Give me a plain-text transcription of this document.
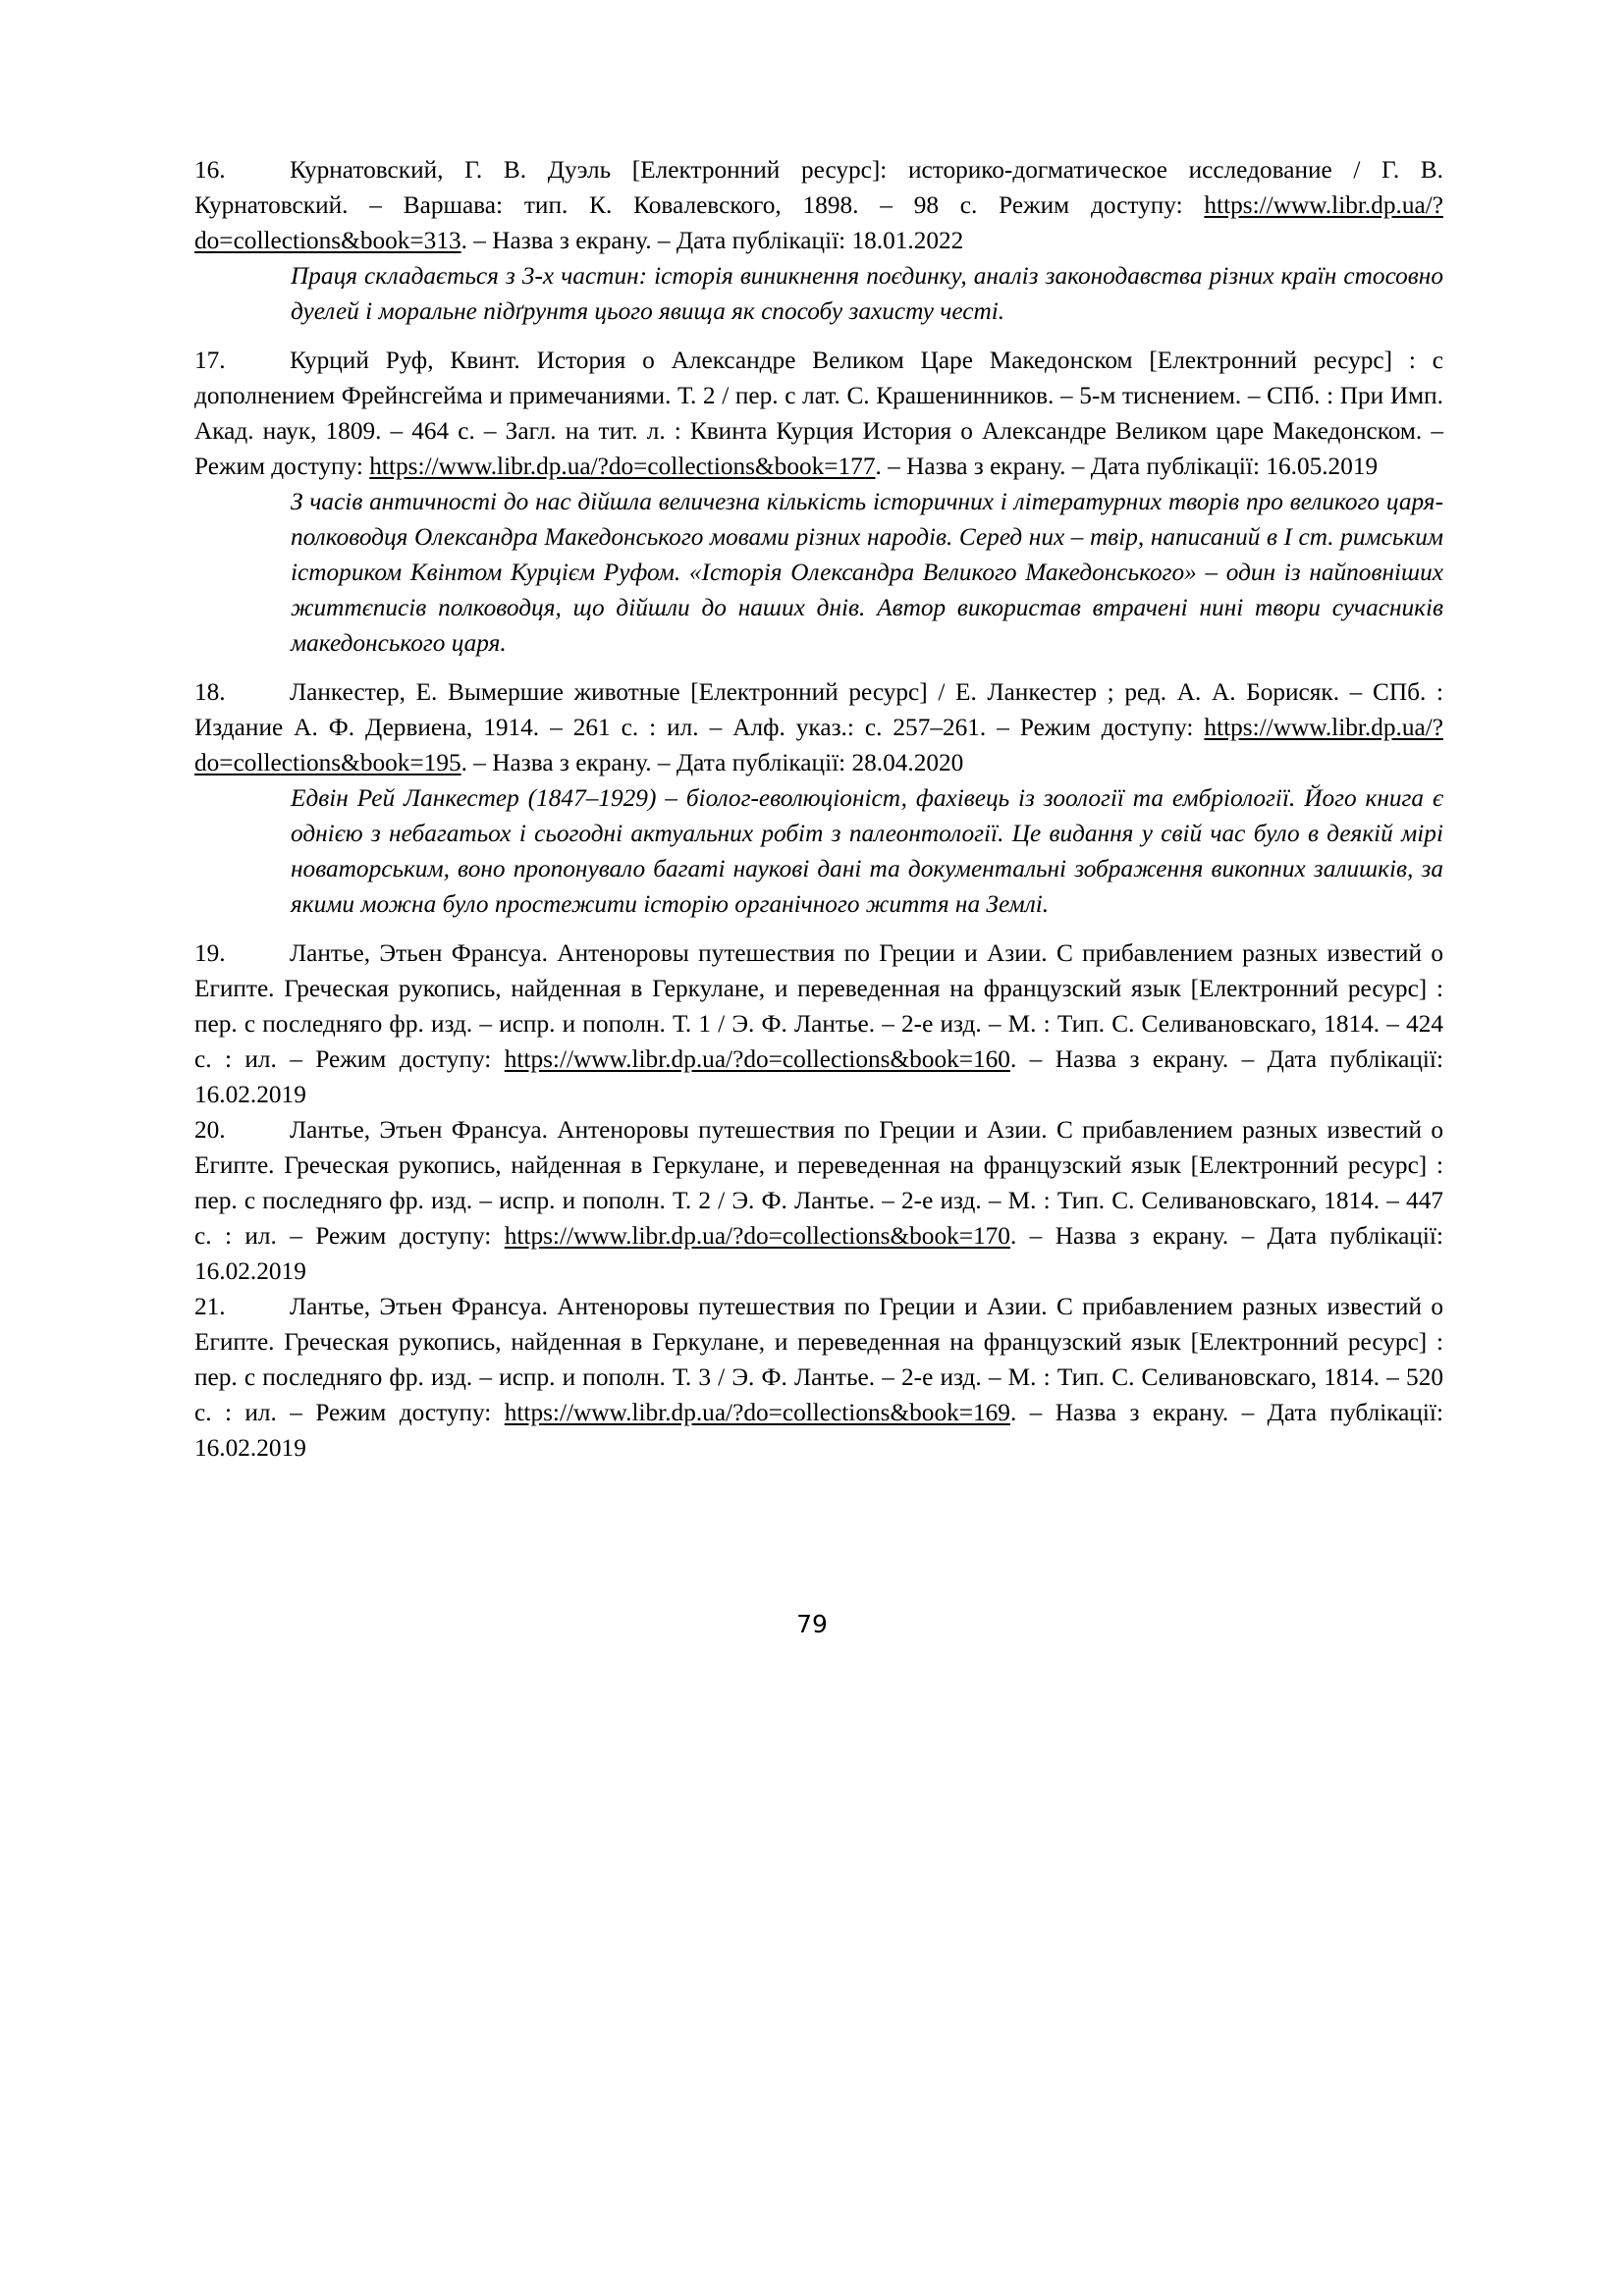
16.	Курнатовский, Г. В. Дуэль [Електронний ресурс]: историко-догматическое исследование / Г. В. Курнатовский. – Варшава: тип. К. Ковалевского, 1898. – 98 с. Режим доступу: https://www.libr.dp.ua/?do=collections&book=313. – Назва з екрану. – Дата публікації: 18.01.2022

Праця складається з 3-х частин: історія виникнення поєдинку, аналіз законодавства різних країн стосовно дуелей і моральне підґрунтя цього явища як способу захисту честі.

17.	Курций Руф, Квинт. История о Александре Великом Царе Македонском [Електронний ресурс] : с дополнением Фрейнсгейма и примечаниями. Т. 2 / пер. с лат. С. Крашенинников. – 5-м тиснением. – СПб. : При Имп. Акад. наук, 1809. – 464 с. – Загл. на тит. л. : Квинта Курция История о Александре Великом царе Македонском. – Режим доступу: https://www.libr.dp.ua/?do=collections&book=177. – Назва з екрану. – Дата публікації: 16.05.2019

З часів античності до нас дійшла величезна кількість історичних і літературних творів про великого царя-полководця Олександра Македонського мовами різних народів. Серед них – твір, написаний в І ст. римським істориком Квінтом Курцієм Руфом. «Історія Олександра Великого Македонського» – один із найповніших життєписів полководця, що дійшли до наших днів. Автор використав втрачені нині твори сучасників македонського царя.

18.	Ланкестер, Е. Вымершие животные [Електронний ресурс] / Е. Ланкестер ; ред. А. А. Борисяк. – СПб. : Издание А. Ф. Дервиена, 1914. – 261 с. : ил. – Алф. указ.: с. 257–261. – Режим доступу: https://www.libr.dp.ua/?do=collections&book=195. – Назва з екрану. – Дата публікації: 28.04.2020

Едвін Рей Ланкестер (1847–1929) – біолог-еволюціоніст, фахівець із зоології та ембріології. Його книга є однією з небагатьох і сьогодні актуальних робіт з палеонтології. Це видання у свій час було в деякій мірі новаторським, воно пропонувало багаті наукові дані та документальні зображення викопних залишків, за якими можна було простежити історію органічного життя на Землі.

19.	Лантье, Этьен Франсуа. Антеноровы путешествия по Греции и Азии. С прибавлением разных известий о Египте. Греческая рукопись, найденная в Геркулане, и переведенная на французский язык [Електронний ресурс] : пер. с последняго фр. изд. – испр. и пополн. Т. 1 / Э. Ф. Лантье. – 2-е изд. – М. : Тип. С. Селивановскаго, 1814. – 424 с. : ил. – Режим доступу: https://www.libr.dp.ua/?do=collections&book=160. – Назва з екрану. – Дата публікації: 16.02.2019

20.	Лантье, Этьен Франсуа. Антеноровы путешествия по Греции и Азии. С прибавлением разных известий о Египте. Греческая рукопись, найденная в Геркулане, и переведенная на французский язык [Електронний ресурс] : пер. с последняго фр. изд. – испр. и пополн. Т. 2 / Э. Ф. Лантье. – 2-е изд. – М. : Тип. С. Селивановскаго, 1814. – 447 с. : ил. – Режим доступу: https://www.libr.dp.ua/?do=collections&book=170. – Назва з екрану. – Дата публікації: 16.02.2019

21.	Лантье, Этьен Франсуа. Антеноровы путешествия по Греции и Азии. С прибавлением разных известий о Египте. Греческая рукопись, найденная в Геркулане, и переведенная на французский язык [Електронний ресурс] : пер. с последняго фр. изд. – испр. и пополн. Т. 3 / Э. Ф. Лантье. – 2-е изд. – М. : Тип. С. Селивановскаго, 1814. – 520 с. : ил. – Режим доступу: https://www.libr.dp.ua/?do=collections&book=169. – Назва з екрану. – Дата публікації: 16.02.2019

79
